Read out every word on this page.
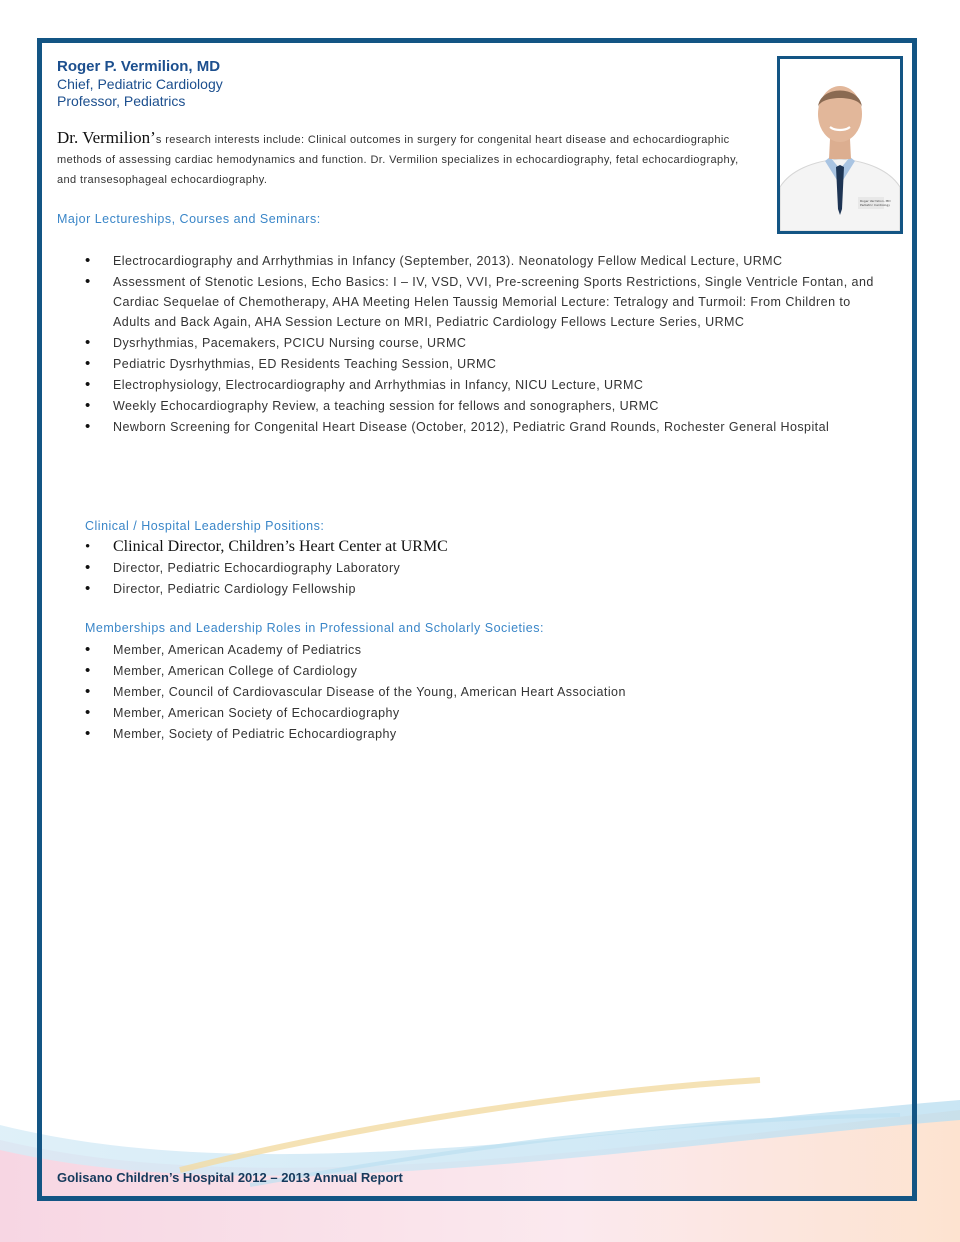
Roger P. Vermilion, MD
Chief, Pediatric Cardiology
Professor, Pediatrics
Roger Vermilion, MD
Pediatric Cardiology
Dr. Vermilion’s research interests include: Clinical outcomes in surgery for congenital heart disease and echocardiographic methods of assessing cardiac hemodynamics and function. Dr. Vermilion specializes in echocardiography, fetal echocardiography, and transesophageal echocardiography.
Major Lectureships, Courses and Seminars:
• Electrocardiography and Arrhythmias in Infancy (September, 2013). Neonatology Fellow Medical Lecture, URMC
• Assessment of Stenotic Lesions, Echo Basics: I – IV, VSD, VVI, Pre-screening Sports Restrictions, Single Ventricle Fontan, and Cardiac Sequelae of Chemotherapy, AHA Meeting Helen Taussig Memorial Lecture: Tetralogy and Turmoil: From Children to Adults and Back Again, AHA Session Lecture on MRI, Pediatric Cardiology Fellows Lecture Series, URMC
• Dysrhythmias, Pacemakers, PCICU Nursing course, URMC
• Pediatric Dysrhythmias, ED Residents Teaching Session, URMC
• Electrophysiology, Electrocardiography and Arrhythmias in Infancy, NICU Lecture, URMC
• Weekly Echocardiography Review, a teaching session for fellows and sonographers, URMC
• Newborn Screening for Congenital Heart Disease (October, 2012), Pediatric Grand Rounds, Rochester General Hospital
Clinical / Hospital Leadership Positions:
• Clinical Director, Children’s Heart Center at URMC
• Director, Pediatric Echocardiography Laboratory
• Director, Pediatric Cardiology Fellowship
Memberships and Leadership Roles in Professional and Scholarly Societies:
• Member, American Academy of Pediatrics
• Member, American College of Cardiology
• Member, Council of Cardiovascular Disease of the Young, American Heart Association
• Member, American Society of Echocardiography
• Member, Society of Pediatric Echocardiography
Golisano Children’s Hospital 2012 – 2013 Annual Report
